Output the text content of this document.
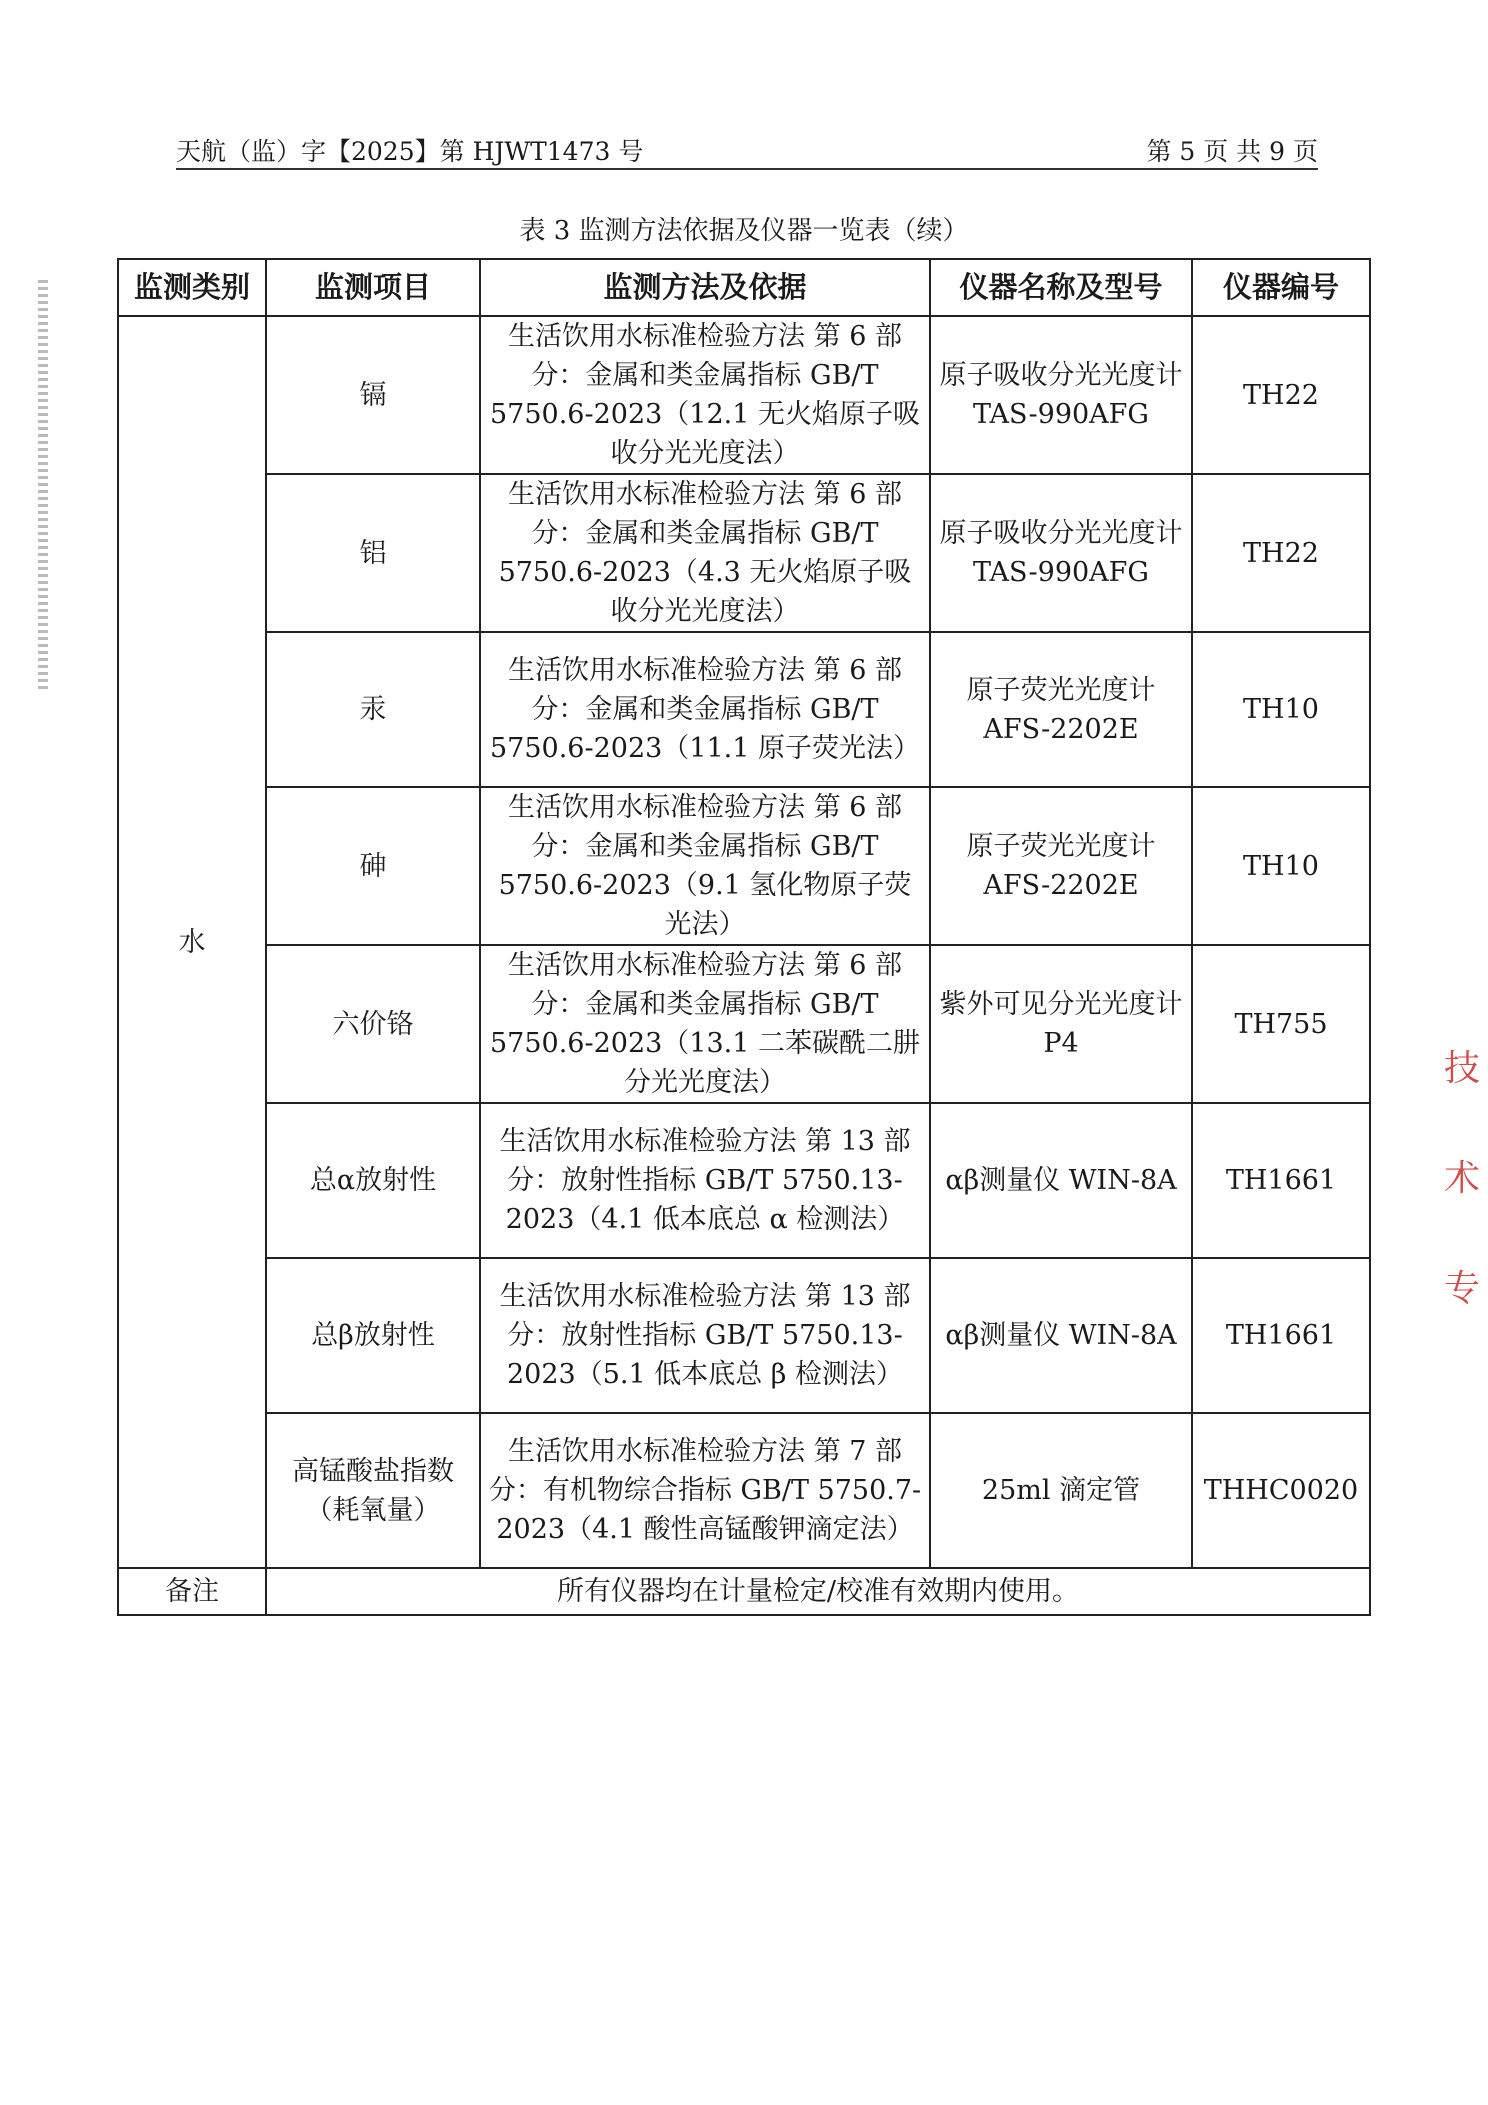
天航（监）字【2025】第 HJWT1473 号	第 5 页 共 9 页
表 3 监测方法依据及仪器一览表（续）
监测类别	监测项目	监测方法及依据	仪器名称及型号	仪器编号
水	镉	生活饮用水标准检验方法 第 6 部分：金属和类金属指标 GB/T 5750.6-2023（12.1 无火焰原子吸收分光光度法）	原子吸收分光光度计 TAS-990AFG	TH22
	铝	生活饮用水标准检验方法 第 6 部分：金属和类金属指标 GB/T 5750.6-2023（4.3 无火焰原子吸收分光光度法）	原子吸收分光光度计 TAS-990AFG	TH22
	汞	生活饮用水标准检验方法 第 6 部分：金属和类金属指标 GB/T 5750.6-2023（11.1 原子荧光法）	原子荧光光度计 AFS-2202E	TH10
	砷	生活饮用水标准检验方法 第 6 部分：金属和类金属指标 GB/T 5750.6-2023（9.1 氢化物原子荧光法）	原子荧光光度计 AFS-2202E	TH10
	六价铬	生活饮用水标准检验方法 第 6 部分：金属和类金属指标 GB/T 5750.6-2023（13.1 二苯碳酰二肼分光光度法）	紫外可见分光光度计 P4	TH755
	总α放射性	生活饮用水标准检验方法 第 13 部分：放射性指标 GB/T 5750.13-2023（4.1 低本底总 α 检测法）	αβ测量仪 WIN-8A	TH1661
	总β放射性	生活饮用水标准检验方法 第 13 部分：放射性指标 GB/T 5750.13-2023（5.1 低本底总 β 检测法）	αβ测量仪 WIN-8A	TH1661
	高锰酸盐指数（耗氧量）	生活饮用水标准检验方法 第 7 部分：有机物综合指标 GB/T 5750.7-2023（4.1 酸性高锰酸钾滴定法）	25ml 滴定管	THHC0020
备注	所有仪器均在计量检定/校准有效期内使用。			
技
术
专
